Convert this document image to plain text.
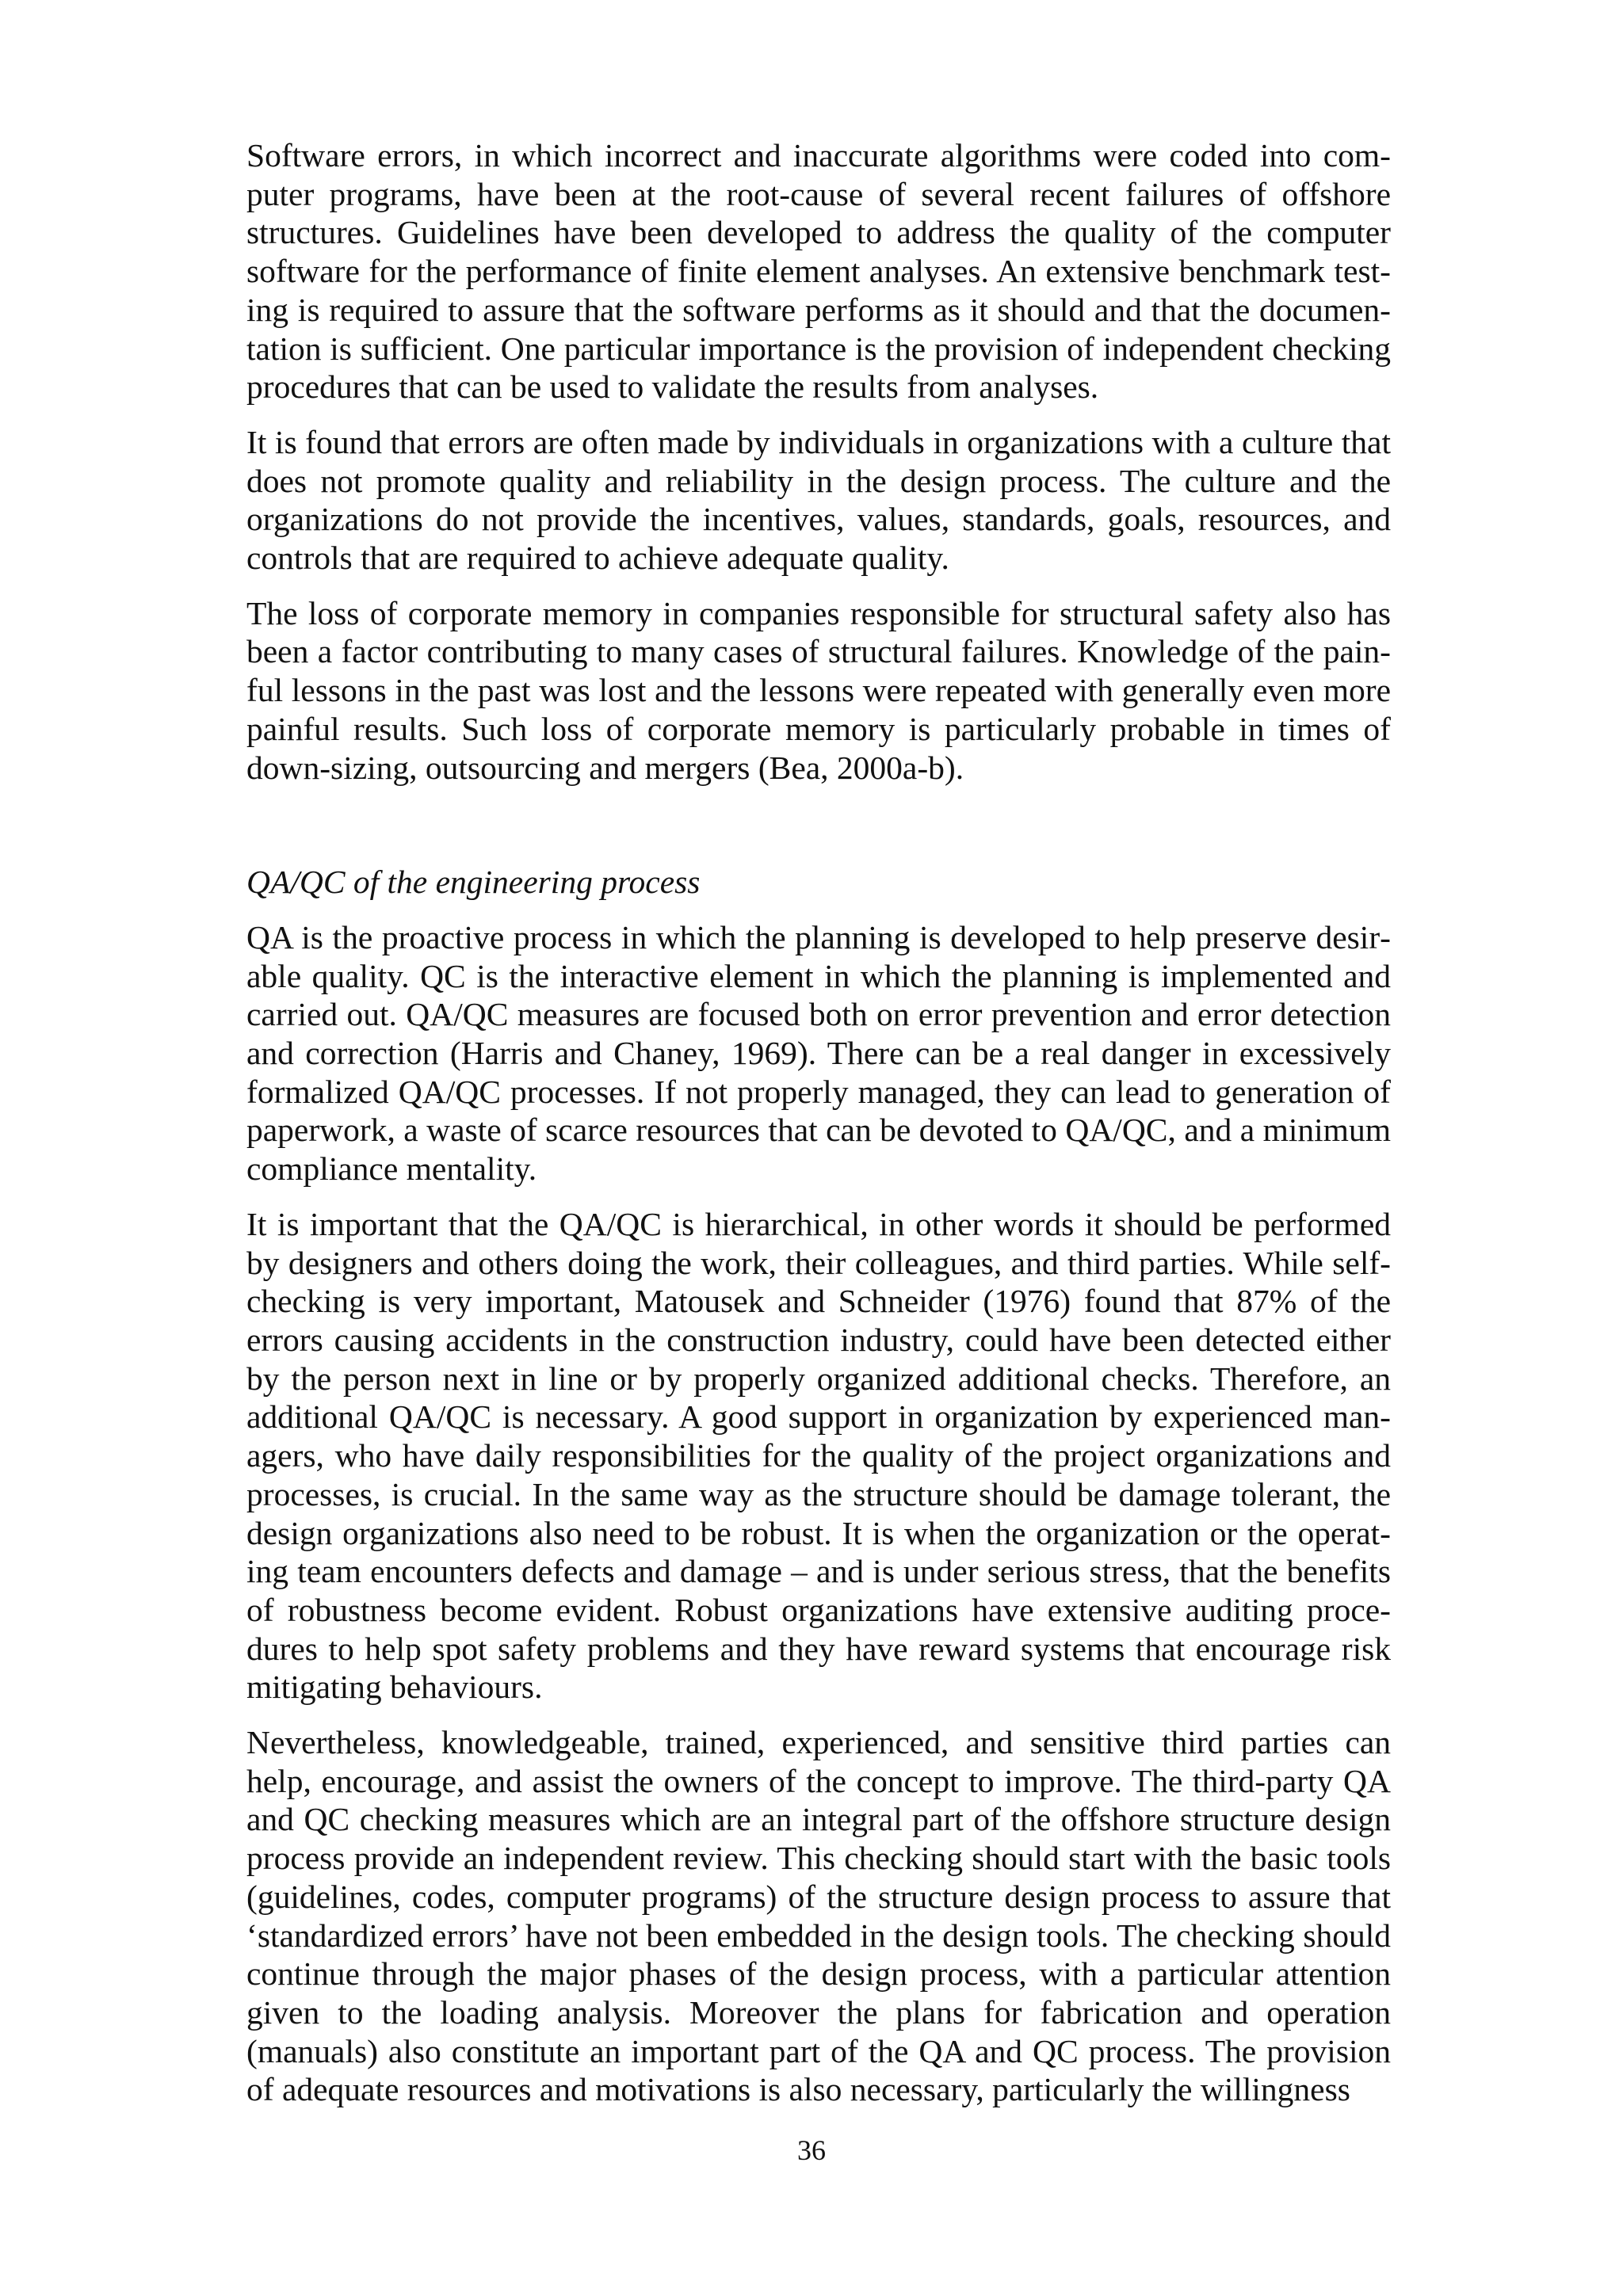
Software errors, in which incorrect and inaccurate algorithms were coded into computer programs, have been at the root-cause of several recent failures of offshore structures. Guidelines have been developed to address the quality of the computer software for the performance of finite element analyses. An extensive benchmark testing is required to assure that the software performs as it should and that the documentation is sufficient. One particular importance is the provision of independent checking procedures that can be used to validate the results from analyses.

It is found that errors are often made by individuals in organizations with a culture that does not promote quality and reliability in the design process. The culture and the organizations do not provide the incentives, values, standards, goals, resources, and controls that are required to achieve adequate quality.

The loss of corporate memory in companies responsible for structural safety also has been a factor contributing to many cases of structural failures. Knowledge of the painful lessons in the past was lost and the lessons were repeated with generally even more painful results. Such loss of corporate memory is particularly probable in times of down-sizing, outsourcing and mergers (Bea, 2000a-b).

QA/QC of the engineering process

QA is the proactive process in which the planning is developed to help preserve desirable quality. QC is the interactive element in which the planning is implemented and carried out. QA/QC measures are focused both on error prevention and error detection and correction (Harris and Chaney, 1969). There can be a real danger in excessively formalized QA/QC processes. If not properly managed, they can lead to generation of paperwork, a waste of scarce resources that can be devoted to QA/QC, and a minimum compliance mentality.

It is important that the QA/QC is hierarchical, in other words it should be performed by designers and others doing the work, their colleagues, and third parties. While self-checking is very important, Matousek and Schneider (1976) found that 87% of the errors causing accidents in the construction industry, could have been detected either by the person next in line or by properly organized additional checks. Therefore, an additional QA/QC is necessary. A good support in organization by experienced managers, who have daily responsibilities for the quality of the project organizations and processes, is crucial. In the same way as the structure should be damage tolerant, the design organizations also need to be robust. It is when the organization or the operating team encounters defects and damage – and is under serious stress, that the benefits of robustness become evident. Robust organizations have extensive auditing procedures to help spot safety problems and they have reward systems that encourage risk mitigating behaviours.

Nevertheless, knowledgeable, trained, experienced, and sensitive third parties can help, encourage, and assist the owners of the concept to improve. The third-party QA and QC checking measures which are an integral part of the offshore structure design process provide an independent review. This checking should start with the basic tools (guidelines, codes, computer programs) of the structure design process to assure that ‘standardized errors’ have not been embedded in the design tools. The checking should continue through the major phases of the design process, with a particular attention given to the loading analysis. Moreover the plans for fabrication and operation (manuals) also constitute an important part of the QA and QC process. The provision of adequate resources and motivations is also necessary, particularly the willingness

36
